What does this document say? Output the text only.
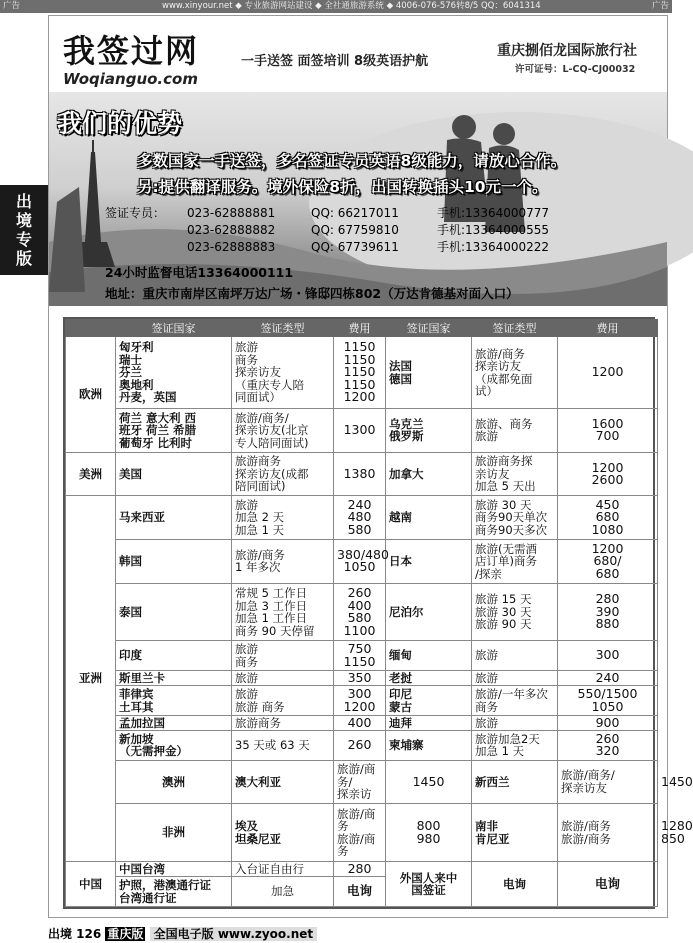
广告	www.xinyour.net ◆ 专业旅游网站建设 ◆ 全社通旅游系统 ◆ 4006-076-576转8/5 QQ：6041314	广告
出境专版
我签过网
Woqianguo.com
一手送签 面签培训 8级英语护航
重庆捌佰龙国际旅行社
许可证号：L-CQ-CJ00032
我们的优势
多数国家一手送签，多名签证专员英语8级能力，请放心合作。
另:提供翻译服务。境外保险8折，出国转换插头10元一个。
签证专员：	023-62888881	QQ: 66217011	手机:13364000777
023-62888882	QQ: 67759810	手机:13364000555
023-62888883	QQ: 67739611	手机:13364000222
24小时监督电话13364000111
地址：重庆市南岸区南坪万达广场・锋邸四栋802（万达肯德基对面入口）
	签证国家	签证类型	费用	签证国家	签证类型	费用	
欧洲	匈牙利
瑞士
芬兰
奥地利
丹麦，英国	旅游
商务
探亲访友
（重庆专人陪
同面试）	1150
1150
1150
1150
1200	法国
德国	旅游/商务
探亲访友
（成都免面
试）	1200	
	荷兰 意大利 西
班牙 荷兰 希腊
葡萄牙 比利时	旅游/商务/
探亲访友(北京
专人陪同面试)	1300	乌克兰
俄罗斯	旅游、商务
旅游	1600
700	
美洲	美国	旅游商务
探亲访友(成都
陪同面试)	1380	加拿大	旅游商务探
亲访友
加急 5 天出	1200
2600	
亚洲	马来西亚	旅游
加急 2 天
加急 1 天	240
480
580	越南	旅游 30 天
商务90天单次
商务90天多次	450
680
1080	
	韩国	旅游/商务
1 年多次	380/480
1050	日本	旅游(无需酒
店订单)商务
/探亲	1200
680/
680	
	泰国	常规 5 工作日
加急 3 工作日
加急 1 工作日
商务 90 天停留	260
400
580
1100	尼泊尔	旅游 15 天
旅游 30 天
旅游 90 天	280
390
880	
	印度	旅游
商务	750
1150	缅甸	旅游	300	
	斯里兰卡	旅游	350	老挝	旅游	240	
	菲律宾
土耳其	旅游
旅游 商务	300
1200	印尼
蒙古	旅游/一年多次
商务	550/1500
1050	
	孟加拉国	旅游商务	400	迪拜	旅游	900	
	新加坡
（无需押金）	35 天或 63 天	260	柬埔寨	旅游加急2天
加急 1 天	260
320	
	澳洲	澳大利亚	旅游/商务/
探亲访	1450	新西兰	旅游/商务/
探亲访友	1450
	非洲	埃及
坦桑尼亚	旅游/商务
旅游/商务	800
980	南非
肯尼亚	旅游/商务
旅游/商务	1280
850
中国	中国台湾	入台证自由行	280	外国人来中
国签证	电询	电询	
	护照，港澳通行证
台湾通行证	加急	电询				
出境 126 重庆版 全国电子版 www.zyoo.net
